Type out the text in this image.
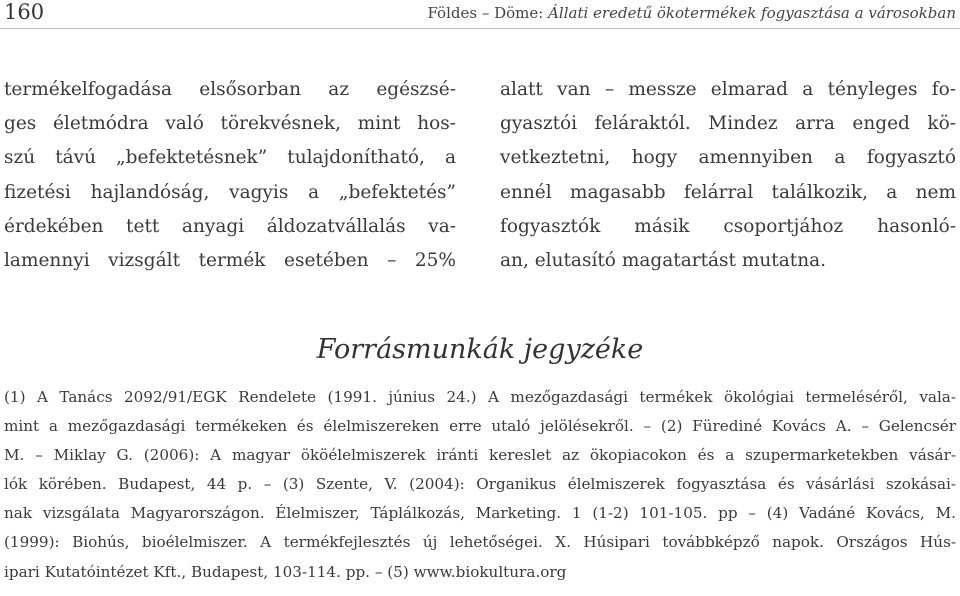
160	Földes – Döme: Állati eredetű ökotermékek fogyasztása a városokban
termékelfogadása elsősorban az egészsé-
ges életmódra való törekvésnek, mint hos-
szú távú „befektetésnek” tulajdonítható, a
fizetési hajlandóság, vagyis a „befektetés”
érdekében tett anyagi áldozatvállalás va-
lamennyi vizsgált termék esetében – 25%
alatt van – messze elmarad a tényleges fo-
gyasztói feláraktól. Mindez arra enged kö-
vetkeztetni, hogy amennyiben a fogyasztó
ennél magasabb felárral találkozik, a nem
fogyasztók másik csoportjához hasonló-
an, elutasító magatartást mutatna.
Forrásmunkák jegyzéke
(1) A Tanács 2092/91/EGK Rendelete (1991. június 24.) A mezőgazdasági termékek ökológiai termeléséről, vala-
mint a mezőgazdasági termékeken és élelmiszereken erre utaló jelölésekről. – (2) Fürediné Kovács A. – Gelencsér
M. – Miklay G. (2006): A magyar ököélelmiszerek iránti kereslet az ökopiacokon és a szupermarketekben vásár-
lók körében. Budapest, 44 p. – (3) Szente, V. (2004): Organikus élelmiszerek fogyasztása és vásárlási szokásai-
nak vizsgálata Magyarországon. Élelmiszer, Táplálkozás, Marketing. 1 (1-2) 101-105. pp – (4) Vadáné Kovács, M.
(1999): Biohús, bioélelmiszer. A termékfejlesztés új lehetőségei. X. Húsipari továbbképző napok. Országos Hús-
ipari Kutatóintézet Kft., Budapest, 103-114. pp. – (5) www.biokultura.org
